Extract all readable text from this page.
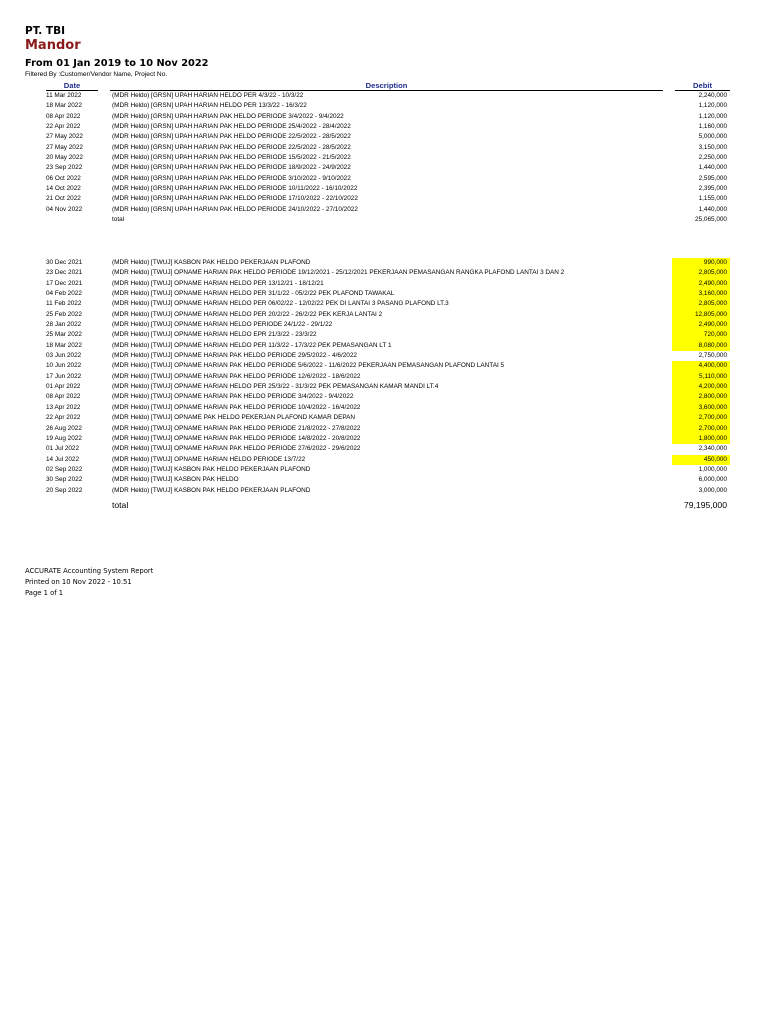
PT. TBI
Mandor
From 01 Jan 2019 to 10 Nov 2022
Filtered By :Customer/Vendor Name, Project No.
Date	Description	Debit
11 Mar 2022	(MDR Heldo) [GRSN] UPAH HARIAN HELDO PER 4/3/22 - 10/3/22	2,240,000
18 Mar 2022	(MDR Heldo) [GRSN] UPAH HARIAN HELDO PER 13/3/22 - 16/3/22	1,120,000
08 Apr 2022	(MDR Heldo) [GRSN] UPAH HARIAN PAK HELDO PERIODE 3/4/2022 - 9/4/2022	1,120,000
22 Apr 2022	(MDR Heldo) [GRSN] UPAH HARIAN PAK HELDO PERIODE 25/4/2022 - 28/4/2022	1,160,000
27 May 2022	(MDR Heldo) [GRSN] UPAH HARIAN PAK HELDO PERIODE 22/5/2022 - 28/5/2022	5,000,000
27 May 2022	(MDR Heldo) [GRSN] UPAH HARIAN PAK HELDO PERIODE 22/5/2022 - 28/5/2022	3,150,000
20 May 2022	(MDR Heldo) [GRSN] UPAH HARIAN PAK HELDO PERIODE 15/5/2022 - 21/5/2022	2,250,000
23 Sep 2022	(MDR Heldo) [GRSN] UPAH HARIAN PAK HELDO PERIODE 18/9/2022 - 24/9/2022	1,440,000
06 Oct 2022	(MDR Heldo) [GRSN] UPAH HARIAN PAK HELDO PERIODE 3/10/2022 - 9/10/2022	2,595,000
14 Oct 2022	(MDR Heldo) [GRSN] UPAH HARIAN PAK HELDO PERIODE 10/11/2022 - 16/10/2022	2,395,000
21 Oct 2022	(MDR Heldo) [GRSN] UPAH HARIAN PAK HELDO PERIODE 17/10/2022 - 22/10/2022	1,155,000
04 Nov 2022	(MDR Heldo) [GRSN] UPAH HARIAN PAK HELDO PERIODE 24/10/2022 - 27/10/2022	1,440,000
total	25,065,000
30 Dec 2021	(MDR Heldo) [TWUJ] KASBON PAK HELDO PEKERJAAN PLAFOND	990,000
23 Dec 2021	(MDR Heldo) [TWUJ] OPNAME HARIAN PAK HELDO PERIODE 19/12/2021 - 25/12/2021 PEKERJAAN PEMASANGAN RANGKA PLAFOND LANTAI 3 DAN 2	2,805,000
17 Dec 2021	(MDR Heldo) [TWUJ] OPNAME HARIAN HELDO PER 13/12/21 - 18/12/21	2,490,000
04 Feb 2022	(MDR Heldo) [TWUJ] OPNAME HARIAN HELDO PER 31/1/22 - 05/2/22 PEK PLAFOND TAWAKAL	3,160,000
11 Feb 2022	(MDR Heldo) [TWUJ] OPNAME HARIAN HELDO PER 06/02/22 - 12/02/22 PEK DI LANTAI 3 PASANG PLAFOND LT.3	2,805,000
25 Feb 2022	(MDR Heldo) [TWUJ] OPNAME HARIAN HELDO PER 20/2/22 - 26/2/22 PEK KERJA LANTAI 2	12,805,000
28 Jan 2022	(MDR Heldo) [TWUJ] OPNAME HARIAN HELDO PERIODE 24/1/22 - 29/1/22	2,490,000
25 Mar 2022	(MDR Heldo) [TWUJ] OPNAME HARIAN HELDO EPR 21/3/22 - 23/3/22	720,000
18 Mar 2022	(MDR Heldo) [TWUJ] OPNAME HARIAN HELDO PER 11/3/22 - 17/3/22 PEK PEMASANGAN LT 1	8,080,000
03 Jun 2022	(MDR Heldo) [TWUJ] OPNAME HARIAN PAK HELDO PERIODE 29/5/2022 - 4/6/2022	2,750,000
10 Jun 2022	(MDR Heldo) [TWUJ] OPNAME HARIAN PAK HELDO PERIODE 5/6/2022 - 11/6/2022 PEKERJAAN PEMASANGAN PLAFOND LANTAI 5	4,400,000
17 Jun 2022	(MDR Heldo) [TWUJ] OPNAME HARIAN PAK HELDO PERIODE 12/6/2022 - 18/6/2022	5,110,000
01 Apr 2022	(MDR Heldo) [TWUJ] OPNAME HARIAN HELDO PER 25/3/22 - 31/3/22 PEK PEMASANGAN KAMAR MANDI LT.4	4,200,000
08 Apr 2022	(MDR Heldo) [TWUJ] OPNAME HARIAN PAK HELDO PERIODE 3/4/2022 - 9/4/2022	2,800,000
13 Apr 2022	(MDR Heldo) [TWUJ] OPNAME HARIAN PAK HELDO PERIODE 10/4/2022 - 16/4/2022	3,600,000
22 Apr 2022	(MDR Heldo) [TWUJ] OPNAME PAK HELDO PEKERJAN PLAFOND KAMAR DEPAN	2,700,000
26 Aug 2022	(MDR Heldo) [TWUJ] OPNAME HARIAN PAK HELDO PERIODE 21/8/2022 - 27/8/2022	2,700,000
19 Aug 2022	(MDR Heldo) [TWUJ] OPNAME HARIAN PAK HELDO PERIODE 14/8/2022 - 20/8/2022	1,800,000
01 Jul 2022	(MDR Heldo) [TWUJ] OPNAME HARIAN PAK HELDO PERIODE 27/6/2022 - 29/6/2022	2,340,000
14 Jul 2022	(MDR Heldo) [TWUJ] OPNAME HARIAN HELDO PERIODE 13/7/22	450,000
02 Sep 2022	(MDR Heldo) [TWUJ] KASBON PAK HELDO PEKERJAAN PLAFOND	1,000,000
30 Sep 2022	(MDR Heldo) [TWUJ] KASBON PAK HELDO	6,000,000
20 Sep 2022	(MDR Heldo) [TWUJ] KASBON PAK HELDO PEKERJAAN PLAFOND	3,000,000
total	79,195,000
ACCURATE Accounting System Report
Printed on 10 Nov 2022 - 10.51
Page 1 of 1
